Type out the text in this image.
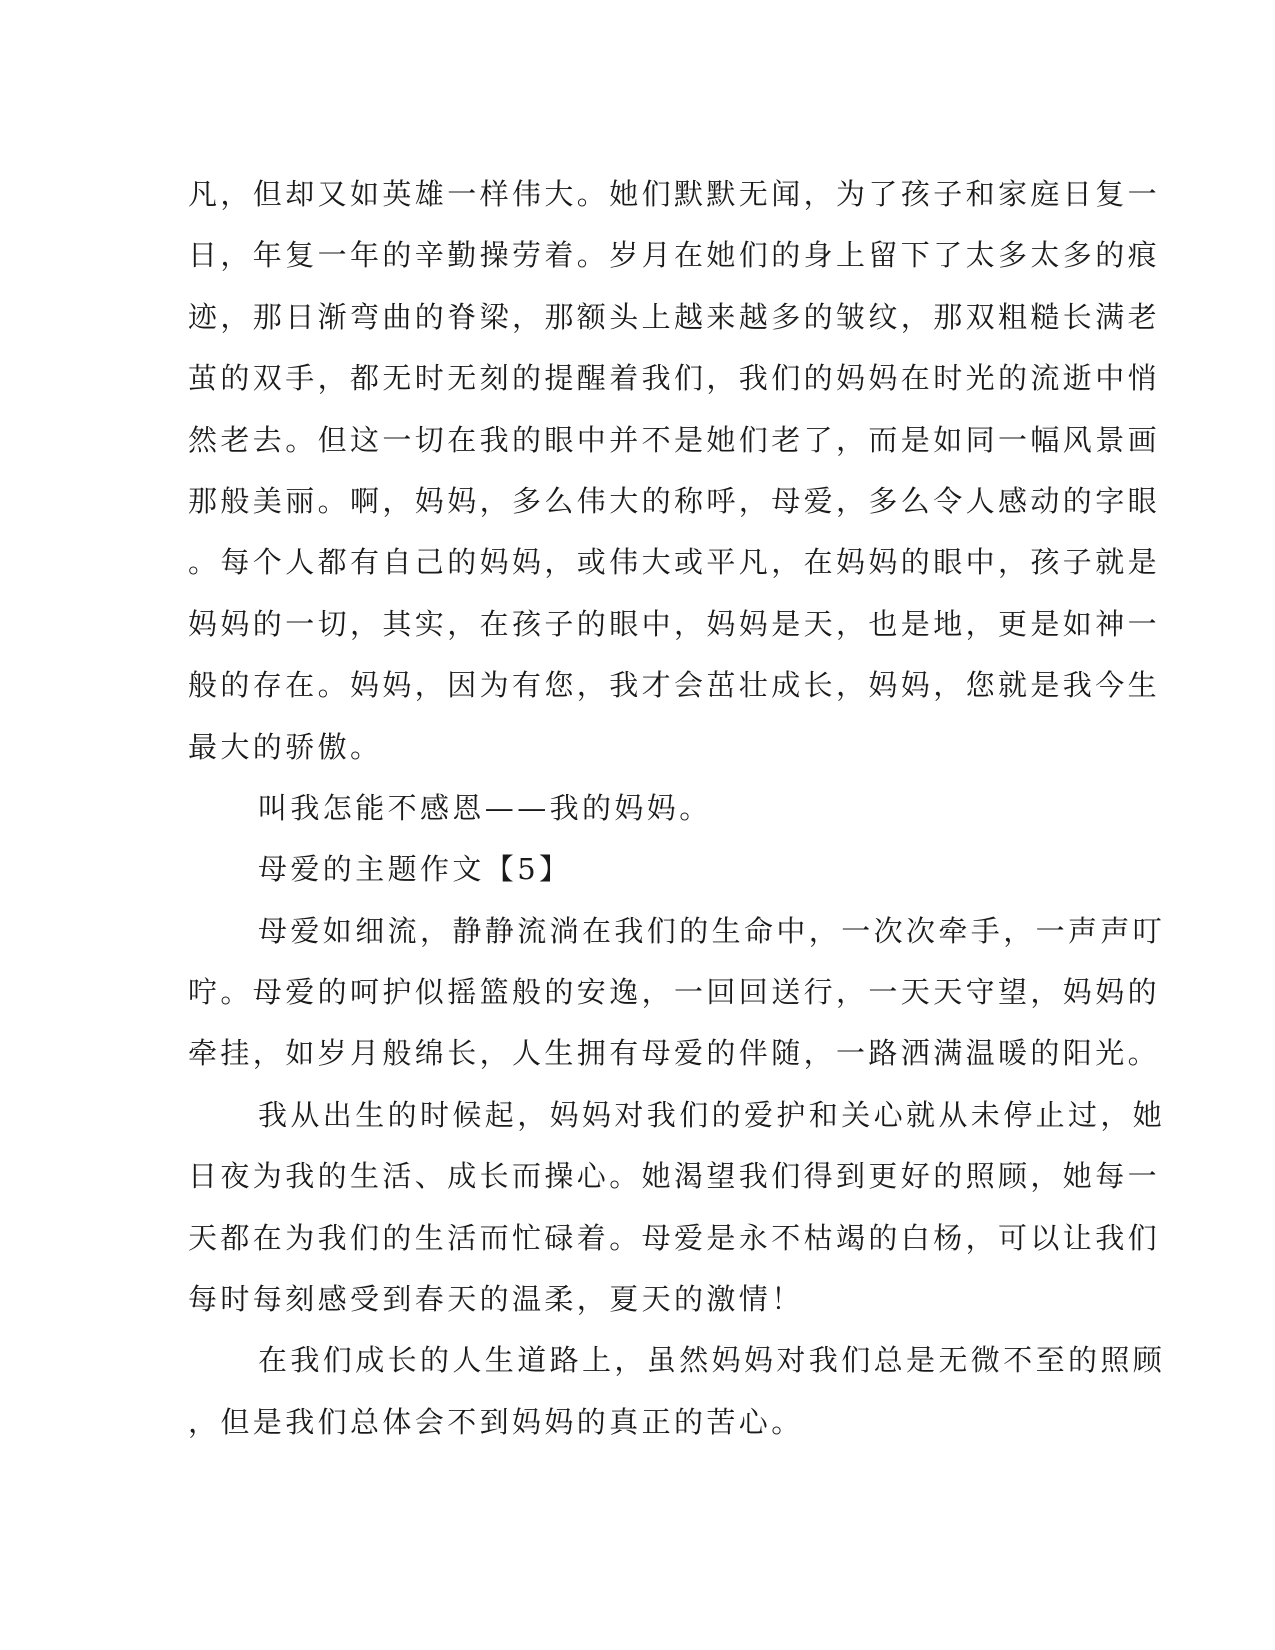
凡，但却又如英雄一样伟大。她们默默无闻，为了孩子和家庭日复一
日，年复一年的辛勤操劳着。岁月在她们的身上留下了太多太多的痕
迹，那日渐弯曲的脊梁，那额头上越来越多的皱纹，那双粗糙长满老
茧的双手，都无时无刻的提醒着我们，我们的妈妈在时光的流逝中悄
然老去。但这一切在我的眼中并不是她们老了，而是如同一幅风景画
那般美丽。啊，妈妈，多么伟大的称呼，母爱，多么令人感动的字眼
。每个人都有自己的妈妈，或伟大或平凡，在妈妈的眼中，孩子就是
妈妈的一切，其实，在孩子的眼中，妈妈是天，也是地，更是如神一
般的存在。妈妈，因为有您，我才会茁壮成长，妈妈，您就是我今生
最大的骄傲。
叫我怎能不感恩——我的妈妈。
母爱的主题作文【5】
母爱如细流，静静流淌在我们的生命中，一次次牵手，一声声叮
咛。母爱的呵护似摇篮般的安逸，一回回送行，一天天守望，妈妈的
牵挂，如岁月般绵长，人生拥有母爱的伴随，一路洒满温暖的阳光。
我从出生的时候起，妈妈对我们的爱护和关心就从未停止过，她
日夜为我的生活、成长而操心。她渴望我们得到更好的照顾，她每一
天都在为我们的生活而忙碌着。母爱是永不枯竭的白杨，可以让我们
每时每刻感受到春天的温柔，夏天的激情！
在我们成长的人生道路上，虽然妈妈对我们总是无微不至的照顾
，但是我们总体会不到妈妈的真正的苦心。
